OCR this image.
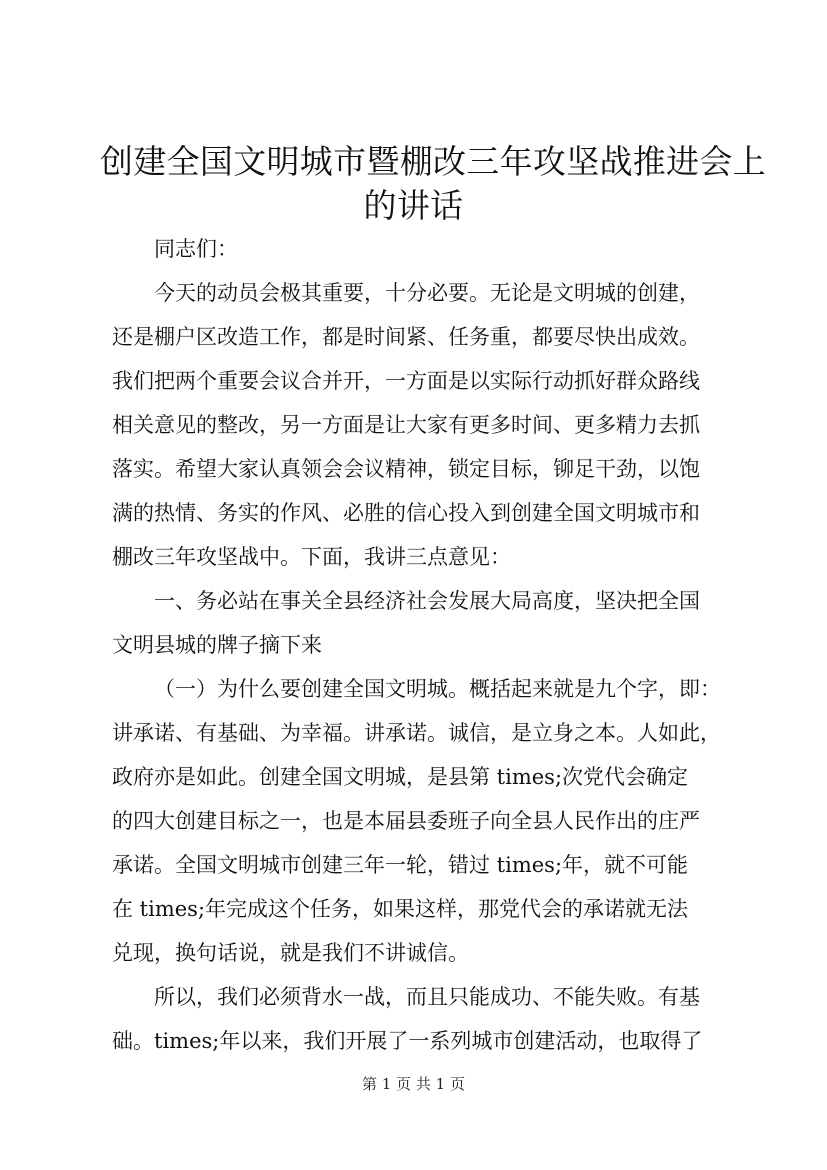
创建全国文明城市暨棚改三年攻坚战推进会上
的讲话
同志们：
今天的动员会极其重要，十分必要。无论是文明城的创建，
还是棚户区改造工作，都是时间紧、任务重，都要尽快出成效。
我们把两个重要会议合并开，一方面是以实际行动抓好群众路线
相关意见的整改，另一方面是让大家有更多时间、更多精力去抓
落实。希望大家认真领会会议精神，锁定目标，铆足干劲，以饱
满的热情、务实的作风、必胜的信心投入到创建全国文明城市和
棚改三年攻坚战中。下面，我讲三点意见：
一、务必站在事关全县经济社会发展大局高度，坚决把全国
文明县城的牌子摘下来
（一）为什么要创建全国文明城。概括起来就是九个字，即：
讲承诺、有基础、为幸福。讲承诺。诚信，是立身之本。人如此，
政府亦是如此。创建全国文明城，是县第 times;次党代会确定
的四大创建目标之一，也是本届县委班子向全县人民作出的庄严
承诺。全国文明城市创建三年一轮，错过 times;年，就不可能
在 times;年完成这个任务，如果这样，那党代会的承诺就无法
兑现，换句话说，就是我们不讲诚信。
所以，我们必须背水一战，而且只能成功、不能失败。有基
础。times;年以来，我们开展了一系列城市创建活动，也取得了
第 1 页 共 1 页
